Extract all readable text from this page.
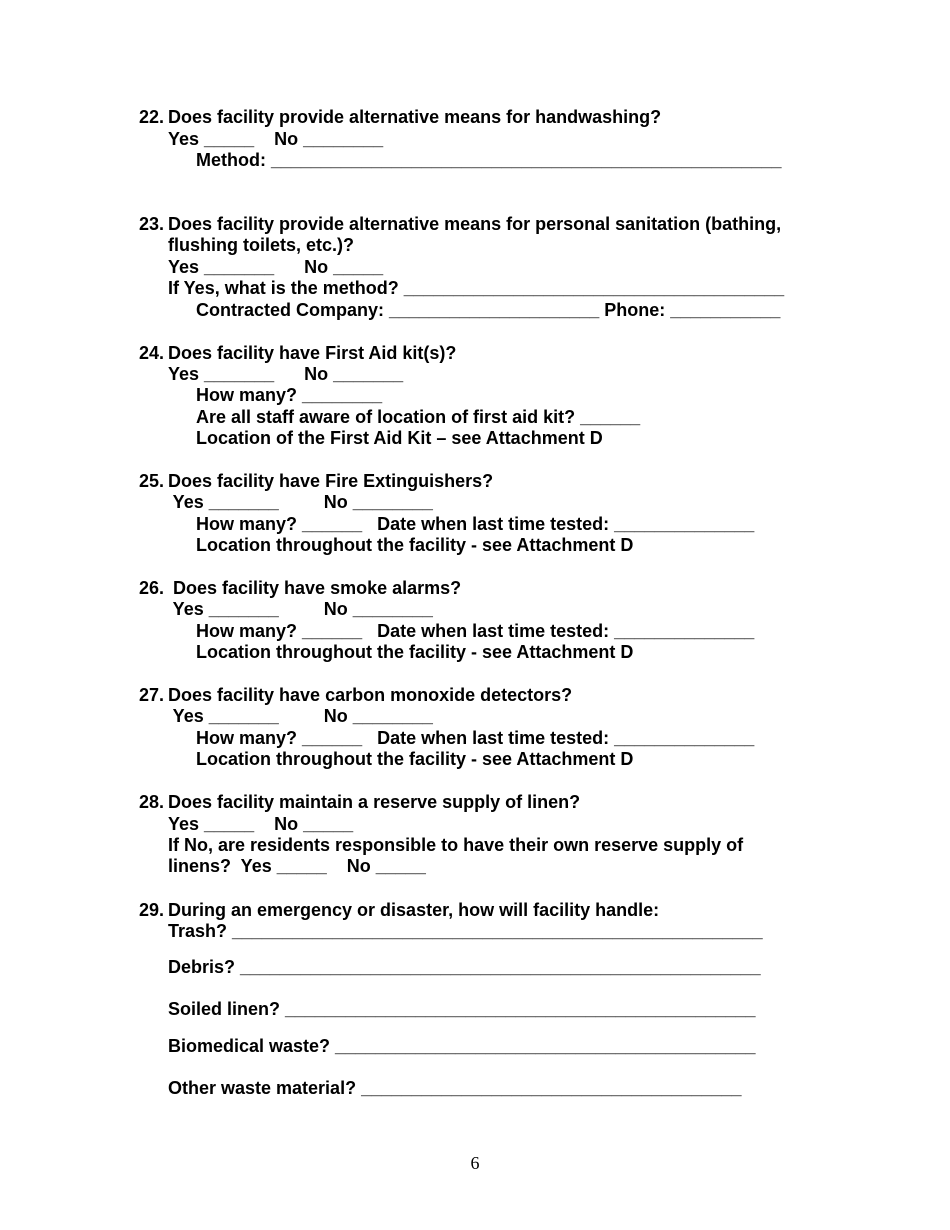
22. Does facility provide alternative means for handwashing?
Yes _____    No ________
Method: ___________________________________________________
23. Does facility provide alternative means for personal sanitation (bathing,
flushing toilets, etc.)?
Yes _______      No _____
If Yes, what is the method? ______________________________________
Contracted Company: _____________________ Phone: ___________
24. Does facility have First Aid kit(s)?
Yes _______      No _______
How many? ________
Are all staff aware of location of first aid kit? ______
Location of the First Aid Kit – see Attachment D
25. Does facility have Fire Extinguishers?
Yes _______         No ________
How many? ______   Date when last time tested: ______________
Location throughout the facility - see Attachment D
26. Does facility have smoke alarms?
Yes _______         No ________
How many? ______   Date when last time tested: ______________
Location throughout the facility - see Attachment D
27. Does facility have carbon monoxide detectors?
Yes _______         No ________
How many? ______   Date when last time tested: ______________
Location throughout the facility - see Attachment D
28. Does facility maintain a reserve supply of linen?
Yes _____    No _____
If No, are residents responsible to have their own reserve supply of
linens?  Yes _____    No _____
29. During an emergency or disaster, how will facility handle:
Trash? _____________________________________________________
Debris? ____________________________________________________
Soiled linen? _______________________________________________
Biomedical waste? __________________________________________
Other waste material? ______________________________________
6
